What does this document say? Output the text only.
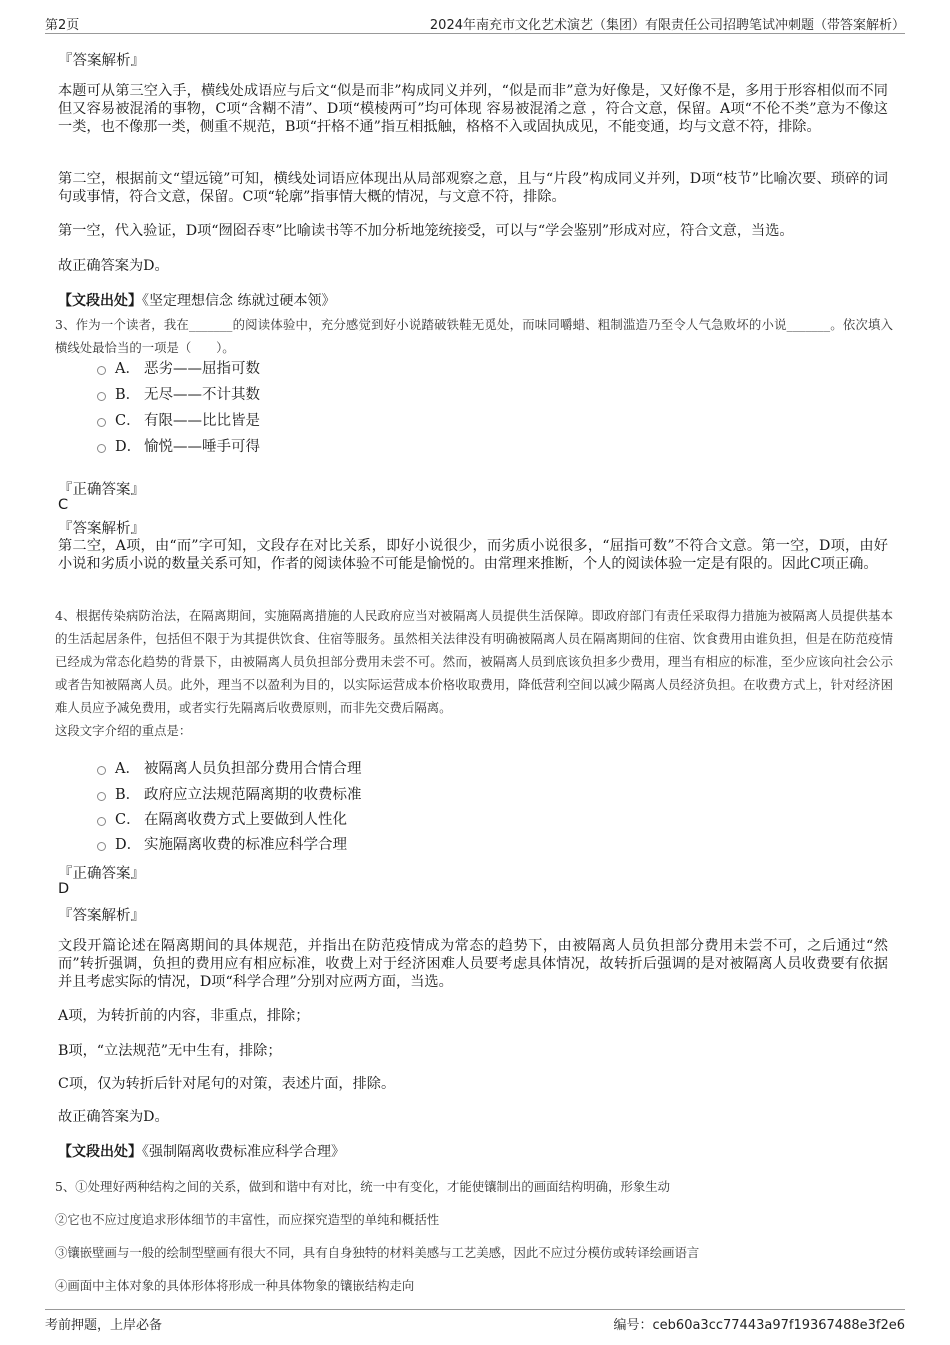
第2页	2024年南充市文化艺术演艺（集团）有限责任公司招聘笔试冲刺题（带答案解析）
『答案解析』

本题可从第三空入手，横线处成语应与后文“似是而非”构成同义并列，“似是而非”意为好像是，又好像不是，多用于形容相似而不同但又容易被混淆的事物，C项“含糊不清”、D项“模棱两可”均可体现 容易被混淆之意 ，符合文意，保留。A项“不伦不类”意为不像这一类，也不像那一类，侧重不规范，B项“扞格不通”指互相抵触，格格不入或固执成见，不能变通，均与文意不符，排除。

第二空，根据前文“望远镜”可知，横线处词语应体现出从局部观察之意，且与“片段”构成同义并列，D项“枝节”比喻次要、琐碎的词句或事情，符合文意，保留。C项“轮廓”指事情大概的情况，与文意不符，排除。

第一空，代入验证，D项“囫囵吞枣”比喻读书等不加分析地笼统接受，可以与“学会鉴别”形成对应，符合文意，当选。

故正确答案为D。

【文段出处】《坚定理想信念 练就过硬本领》

3、作为一个读者，我在_______的阅读体验中，充分感觉到好小说踏破铁鞋无觅处，而味同嚼蜡、粗制滥造乃至令人气急败坏的小说_______。依次填入横线处最恰当的一项是（　　）。

A． 恶劣——屈指可数
B． 无尽——不计其数
C． 有限——比比皆是
D． 愉悦——唾手可得
『正确答案』
C
『答案解析』

第二空，A项，由“而”字可知，文段存在对比关系，即好小说很少，而劣质小说很多，“屈指可数”不符合文意。第一空，D项，由好小说和劣质小说的数量关系可知，作者的阅读体验不可能是愉悦的。由常理来推断，个人的阅读体验一定是有限的。因此C项正确。

4、根据传染病防治法，在隔离期间，实施隔离措施的人民政府应当对被隔离人员提供生活保障。即政府部门有责任采取得力措施为被隔离人员提供基本的生活起居条件，包括但不限于为其提供饮食、住宿等服务。虽然相关法律没有明确被隔离人员在隔离期间的住宿、饮食费用由谁负担，但是在防范疫情已经成为常态化趋势的背景下，由被隔离人员负担部分费用未尝不可。然而，被隔离人员到底该负担多少费用，理当有相应的标准，至少应该向社会公示或者告知被隔离人员。此外，理当不以盈利为目的，以实际运营成本价格收取费用，降低营利空间以减少隔离人员经济负担。在收费方式上，针对经济困难人员应予减免费用，或者实行先隔离后收费原则，而非先交费后隔离。

这段文字介绍的重点是：
A． 被隔离人员负担部分费用合情合理
B． 政府应立法规范隔离期的收费标准
C． 在隔离收费方式上要做到人性化
D． 实施隔离收费的标准应科学合理
『正确答案』
D
『答案解析』

文段开篇论述在隔离期间的具体规范，并指出在防范疫情成为常态的趋势下，由被隔离人员负担部分费用未尝不可，之后通过“然而”转折强调，负担的费用应有相应标准，收费上对于经济困难人员要考虑具体情况，故转折后强调的是对被隔离人员收费要有依据并且考虑实际的情况，D项“科学合理”分别对应两方面，当选。

A项，为转折前的内容，非重点，排除；

B项，“立法规范”无中生有，排除；

C项，仅为转折后针对尾句的对策，表述片面，排除。

故正确答案为D。

【文段出处】《强制隔离收费标准应科学合理》
5、①处理好两种结构之间的关系，做到和谐中有对比，统一中有变化，才能使镶制出的画面结构明确，形象生动
②它也不应过度追求形体细节的丰富性，而应探究造型的单纯和概括性
③镶嵌壁画与一般的绘制型壁画有很大不同，具有自身独特的材料美感与工艺美感，因此不应过分模仿或转译绘画语言
④画面中主体对象的具体形体将形成一种具体物象的镶嵌结构走向
考前押题，上岸必备	编号：ceb60a3cc77443a97f19367488e3f2e6
